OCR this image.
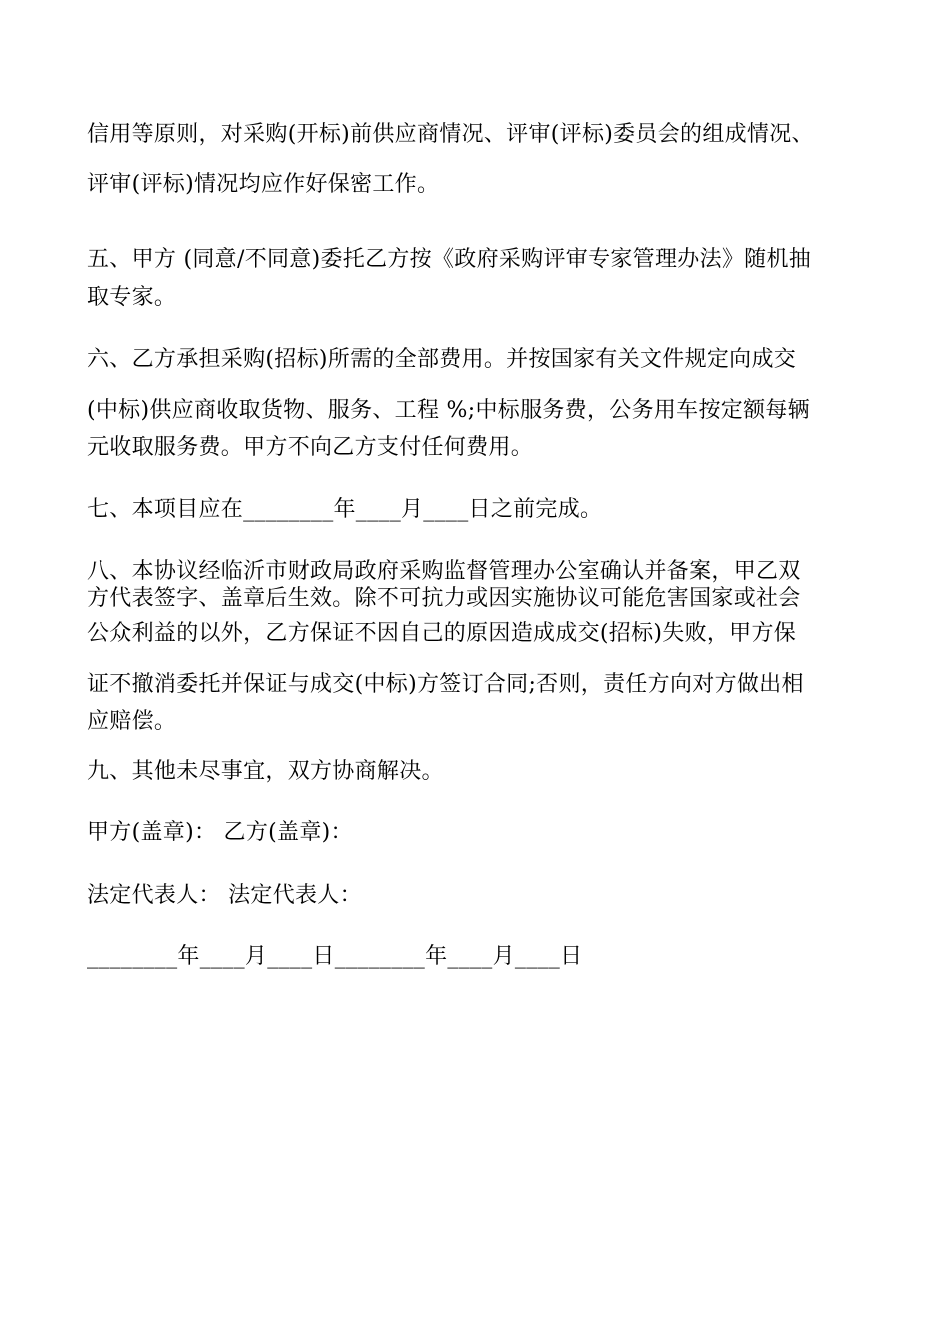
信用等原则，对采购(开标)前供应商情况、评审(评标)委员会的组成情况、
评审(评标)情况均应作好保密工作。
五、甲方 (同意/不同意)委托乙方按《政府采购评审专家管理办法》随机抽
取专家。
六、乙方承担采购(招标)所需的全部费用。并按国家有关文件规定向成交
(中标)供应商收取货物、服务、工程 %;中标服务费，公务用车按定额每辆
元收取服务费。甲方不向乙方支付任何费用。
七、本项目应在________年____月____日之前完成。
八、本协议经临沂市财政局政府采购监督管理办公室确认并备案，甲乙双
方代表签字、盖章后生效。除不可抗力或因实施协议可能危害国家或社会
公众利益的以外，乙方保证不因自己的原因造成成交(招标)失败，甲方保
证不撤消委托并保证与成交(中标)方签订合同;否则，责任方向对方做出相
应赔偿。
九、其他未尽事宜，双方协商解决。
甲方(盖章)： 乙方(盖章)：
法定代表人： 法定代表人：
________年____月____日________年____月____日
